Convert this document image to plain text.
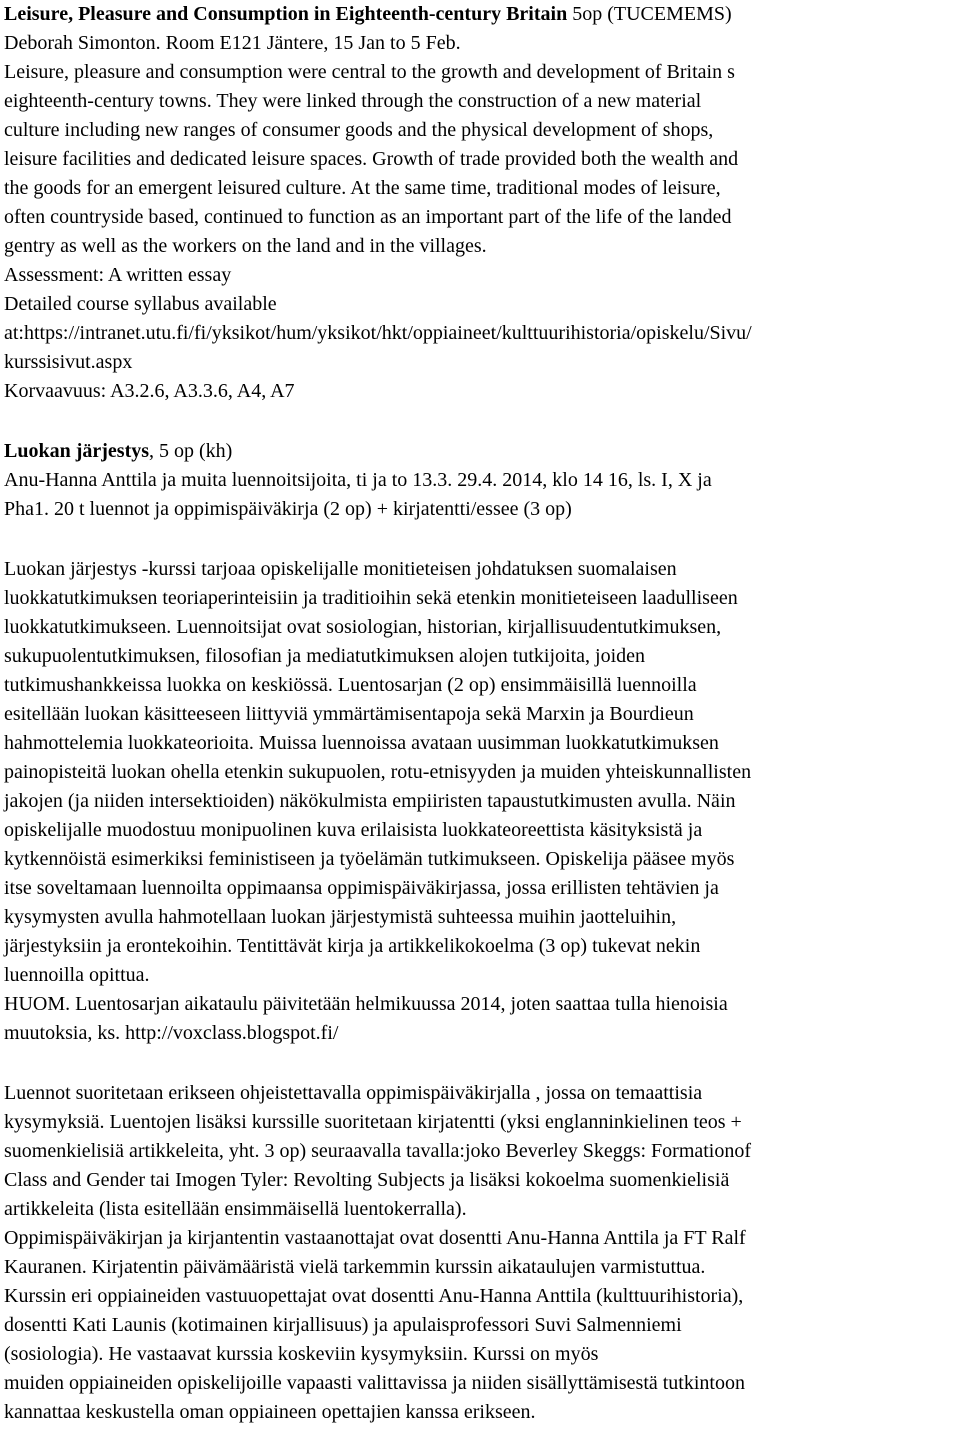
Leisure, Pleasure and Consumption in Eighteenth-century Britain 5op (TUCEMEMS)
Deborah Simonton. Room E121 Jäntere, 15 Jan to 5 Feb.
Leisure, pleasure and consumption were central to the growth and development of Britain s
eighteenth-century towns. They were linked through the construction of a new material
culture including new ranges of consumer goods and the physical development of shops,
leisure facilities and dedicated leisure spaces. Growth of trade provided both the wealth and
the goods for an emergent leisured culture. At the same time, traditional modes of leisure,
often countryside based, continued to function as an important part of the life of the landed
gentry as well as the workers on the land and in the villages.
Assessment: A written essay
Detailed course syllabus available
at:https://intranet.utu.fi/fi/yksikot/hum/yksikot/hkt/oppiaineet/kulttuurihistoria/opiskelu/Sivu/
kurssisivut.aspx
Korvaavuus: A3.2.6, A3.3.6, A4, A7
Luokan järjestys, 5 op (kh)
Anu-Hanna Anttila ja muita luennoitsijoita, ti ja to 13.3. 29.4. 2014, klo 14 16, ls. I, X ja
Pha1. 20 t luennot ja oppimispäiväkirja (2 op) + kirjatentti/essee (3 op)
Luokan järjestys -kurssi tarjoaa opiskelijalle monitieteisen johdatuksen suomalaisen
luokkatutkimuksen teoriaperinteisiin ja traditioihin sekä etenkin monitieteiseen laadulliseen
luokkatutkimukseen. Luennoitsijat ovat sosiologian, historian, kirjallisuudentutkimuksen,
sukupuolentutkimuksen, filosofian ja mediatutkimuksen alojen tutkijoita, joiden
tutkimushankkeissa luokka on keskiössä. Luentosarjan (2 op) ensimmäisillä luennoilla
esitellään luokan käsitteeseen liittyviä ymmärtämisentapoja sekä Marxin ja Bourdieun
hahmottelemia luokkateorioita. Muissa luennoissa avataan uusimman luokkatutkimuksen
painopisteitä luokan ohella etenkin sukupuolen, rotu-etnisyyden ja muiden yhteiskunnallisten
jakojen (ja niiden intersektioiden) näkökulmista empiiristen tapaustutkimusten avulla. Näin
opiskelijalle muodostuu monipuolinen kuva erilaisista luokkateoreettista käsityksistä ja
kytkennöistä esimerkiksi feministiseen ja työelämän tutkimukseen. Opiskelija pääsee myös
itse soveltamaan luennoilta oppimaansa oppimispäiväkirjassa, jossa erillisten tehtävien ja
kysymysten avulla hahmotellaan luokan järjestymistä suhteessa muihin jaotteluihin,
järjestyksiin ja erontekoihin. Tentittävät kirja ja artikkelikokoelma (3 op) tukevat nekin
luennoilla opittua.
HUOM. Luentosarjan aikataulu päivitetään helmikuussa 2014, joten saattaa tulla hienoisia
muutoksia, ks. http://voxclass.blogspot.fi/
Luennot suoritetaan erikseen ohjeistettavalla oppimispäiväkirjalla , jossa on temaattisia
kysymyksiä. Luentojen lisäksi kurssille suoritetaan kirjatentti (yksi englanninkielinen teos +
suomenkielisiä artikkeleita, yht. 3 op) seuraavalla tavalla:joko Beverley Skeggs: Formationof
Class and Gender tai Imogen Tyler: Revolting Subjects ja lisäksi kokoelma suomenkielisiä
artikkeleita (lista esitellään ensimmäisellä luentokerralla).
Oppimispäiväkirjan ja kirjantentin vastaanottajat ovat dosentti Anu-Hanna Anttila ja FT Ralf
Kauranen. Kirjatentin päivämääristä vielä tarkemmin kurssin aikataulujen varmistuttua.
Kurssin eri oppiaineiden vastuuopettajat ovat dosentti Anu-Hanna Anttila (kulttuurihistoria),
dosentti Kati Launis (kotimainen kirjallisuus) ja apulaisprofessori Suvi Salmenniemi
(sosiologia). He vastaavat kurssia koskeviin kysymyksiin. Kurssi on myös
muiden oppiaineiden opiskelijoille vapaasti valittavissa ja niiden sisällyttämisestä tutkintoon
kannattaa keskustella oman oppiaineen opettajien kanssa erikseen.
